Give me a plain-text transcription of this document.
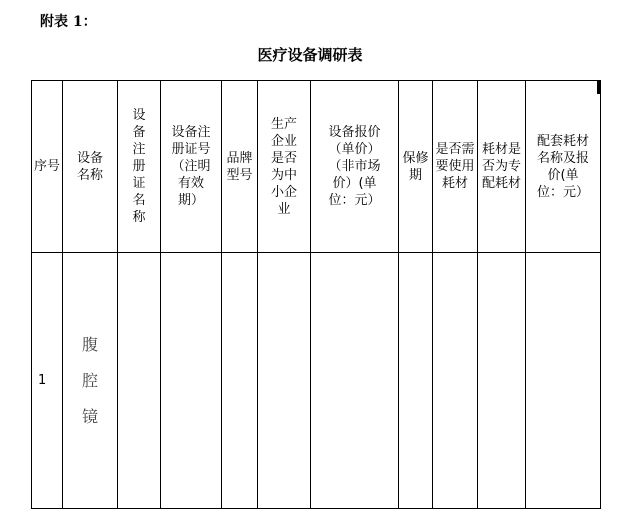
附表 1：
医疗设备调研表
序号	设备名称	设备注册证名称	设备注册证号（注明有效期）	品牌型号	生产企业是否为中小企业	设备报价（单价）（非市场价）(单位：元）	保修期	是否需要使用耗材	耗材是否为专配耗材	配套耗材名称及报价(单位：元）
1	腹腔镜									
